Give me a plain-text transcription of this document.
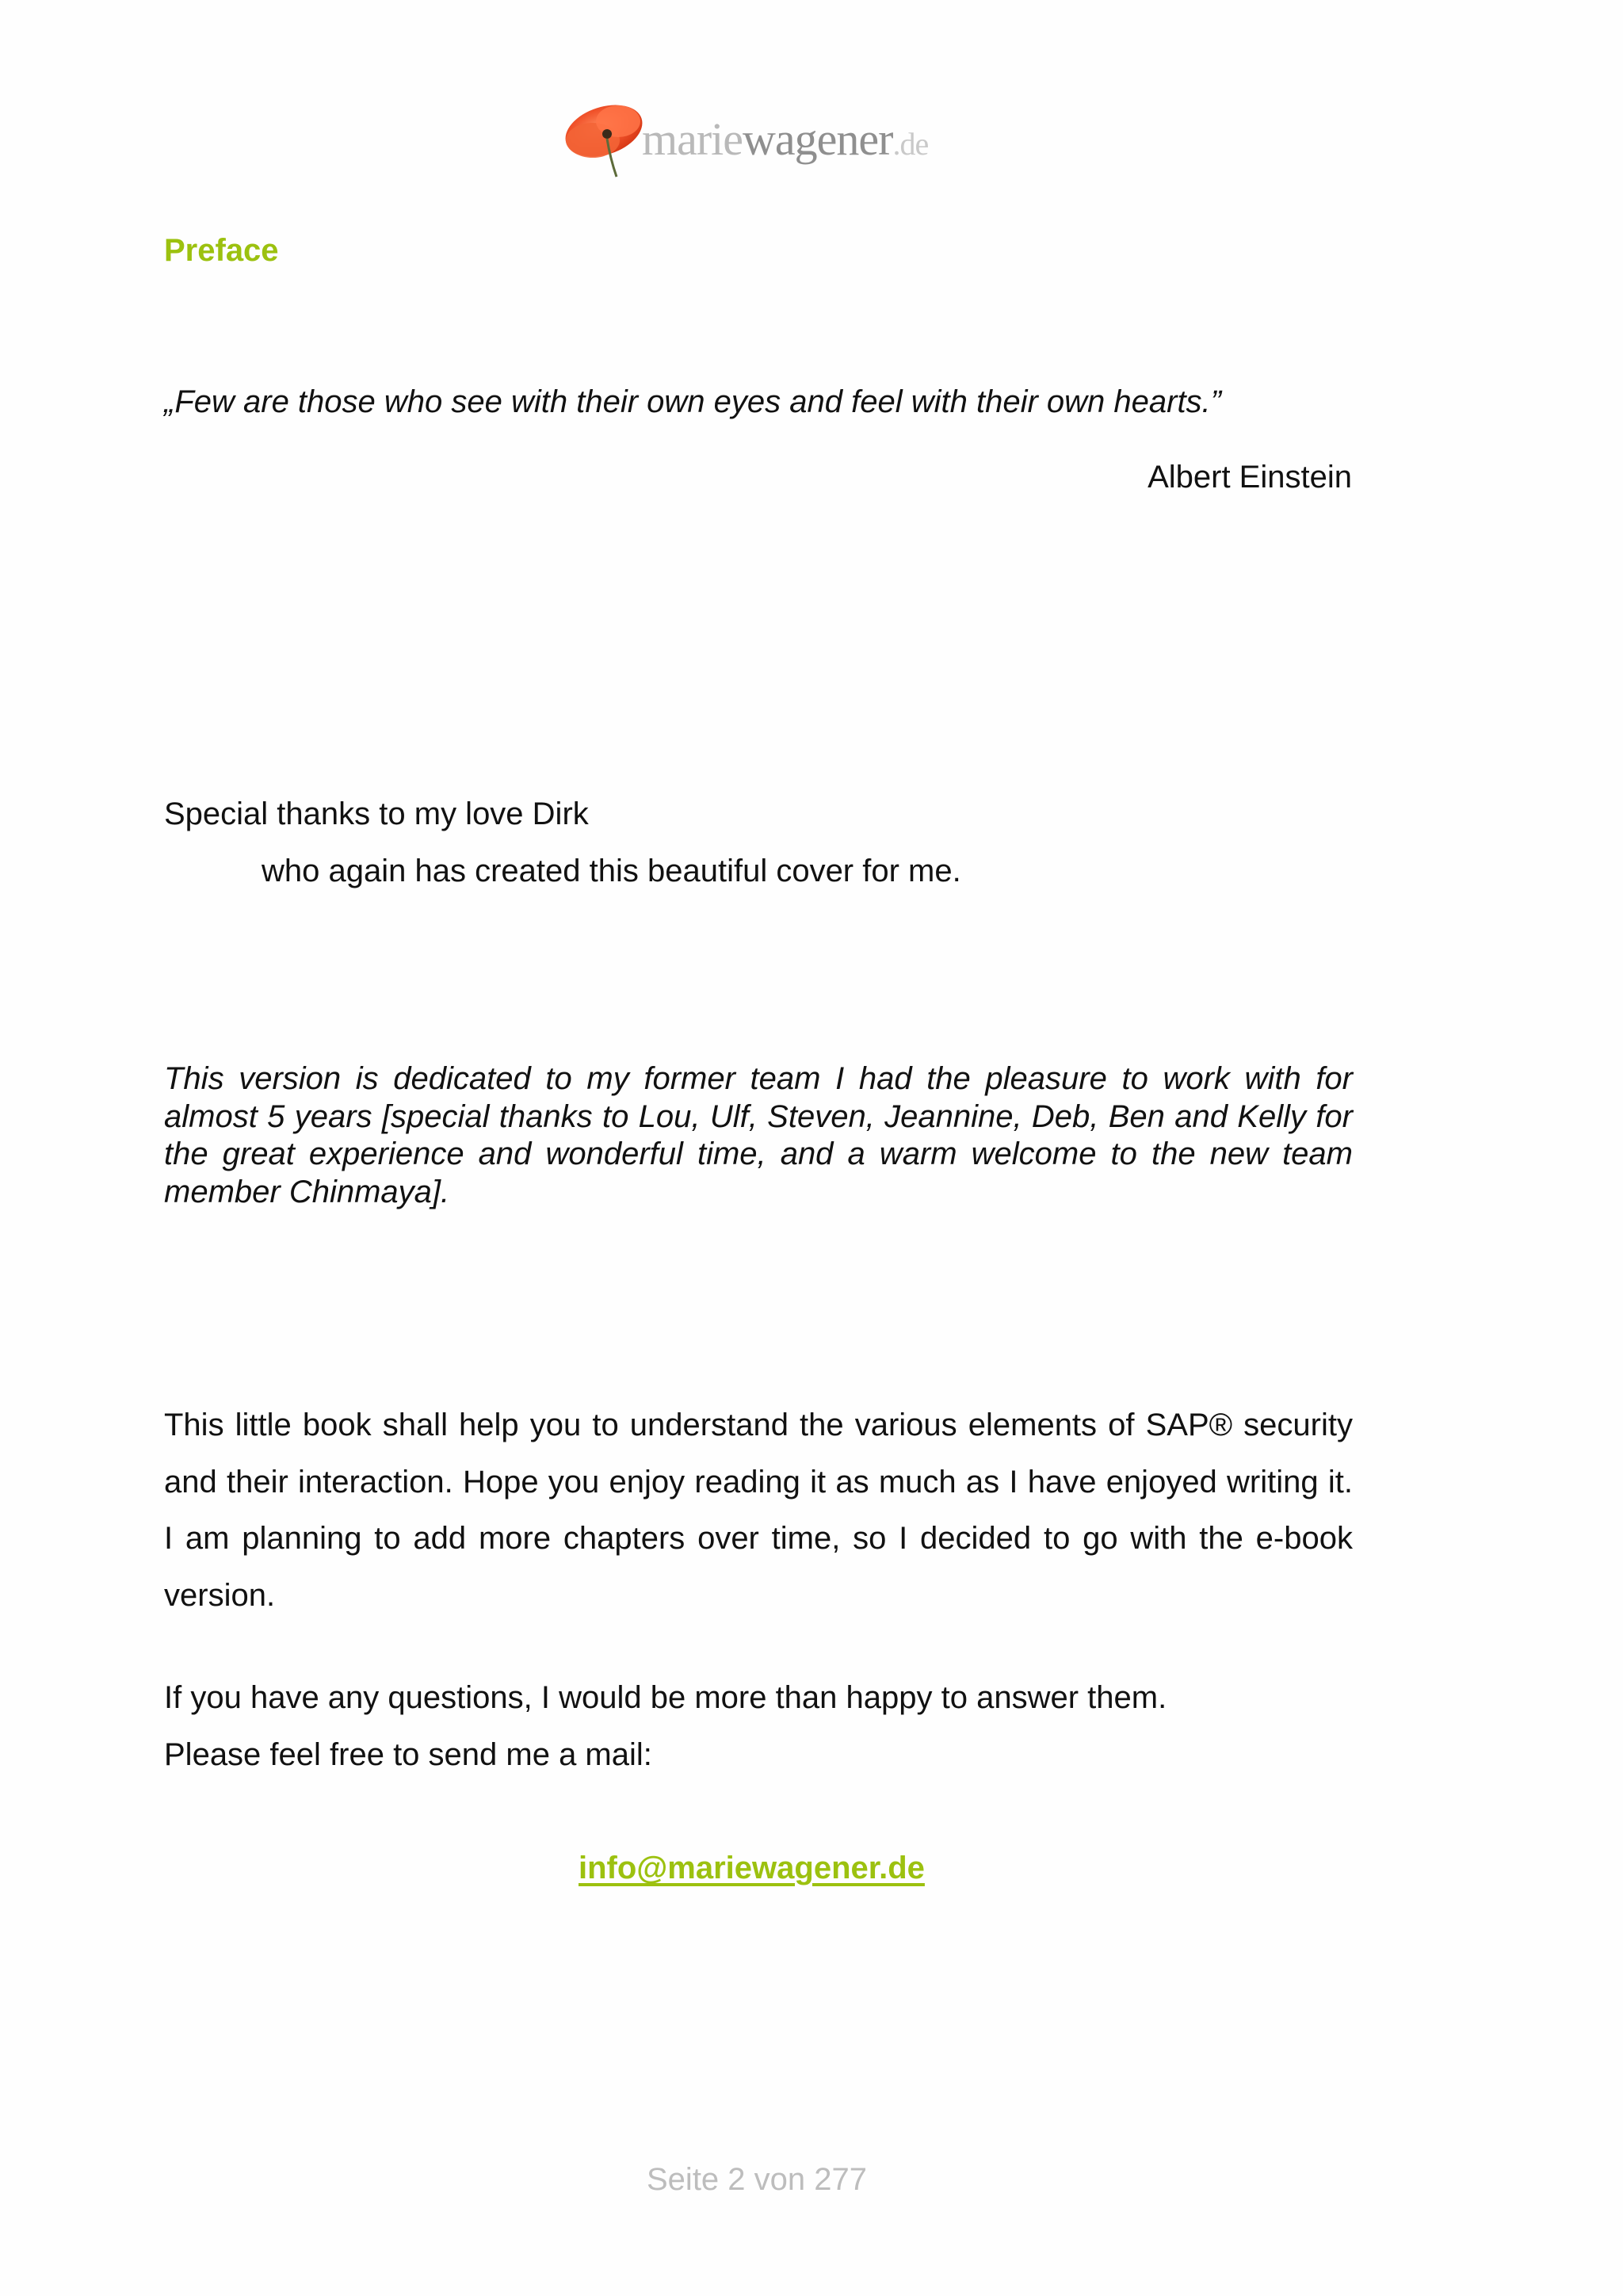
mariewagener.de
Preface

„Few are those who see with their own eyes and feel with their own hearts.”

Albert Einstein

Special thanks to my love Dirk

who again has created this beautiful cover for me.

This version is dedicated to my former team I had the pleasure to work with for almost 5 years [special thanks to Lou, Ulf, Steven, Jeannine, Deb, Ben and Kelly for the great experience and wonderful time, and a warm welcome to the new team member Chinmaya].

This little book shall help you to understand the various elements of SAP® security and their interaction. Hope you enjoy reading it as much as I have enjoyed writing it. I am planning to add more chapters over time, so I decided to go with the e-book version.

If you have any questions, I would be more than happy to answer them.

Please feel free to send me a mail:

info@mariewagener.de

Seite 2 von 277
